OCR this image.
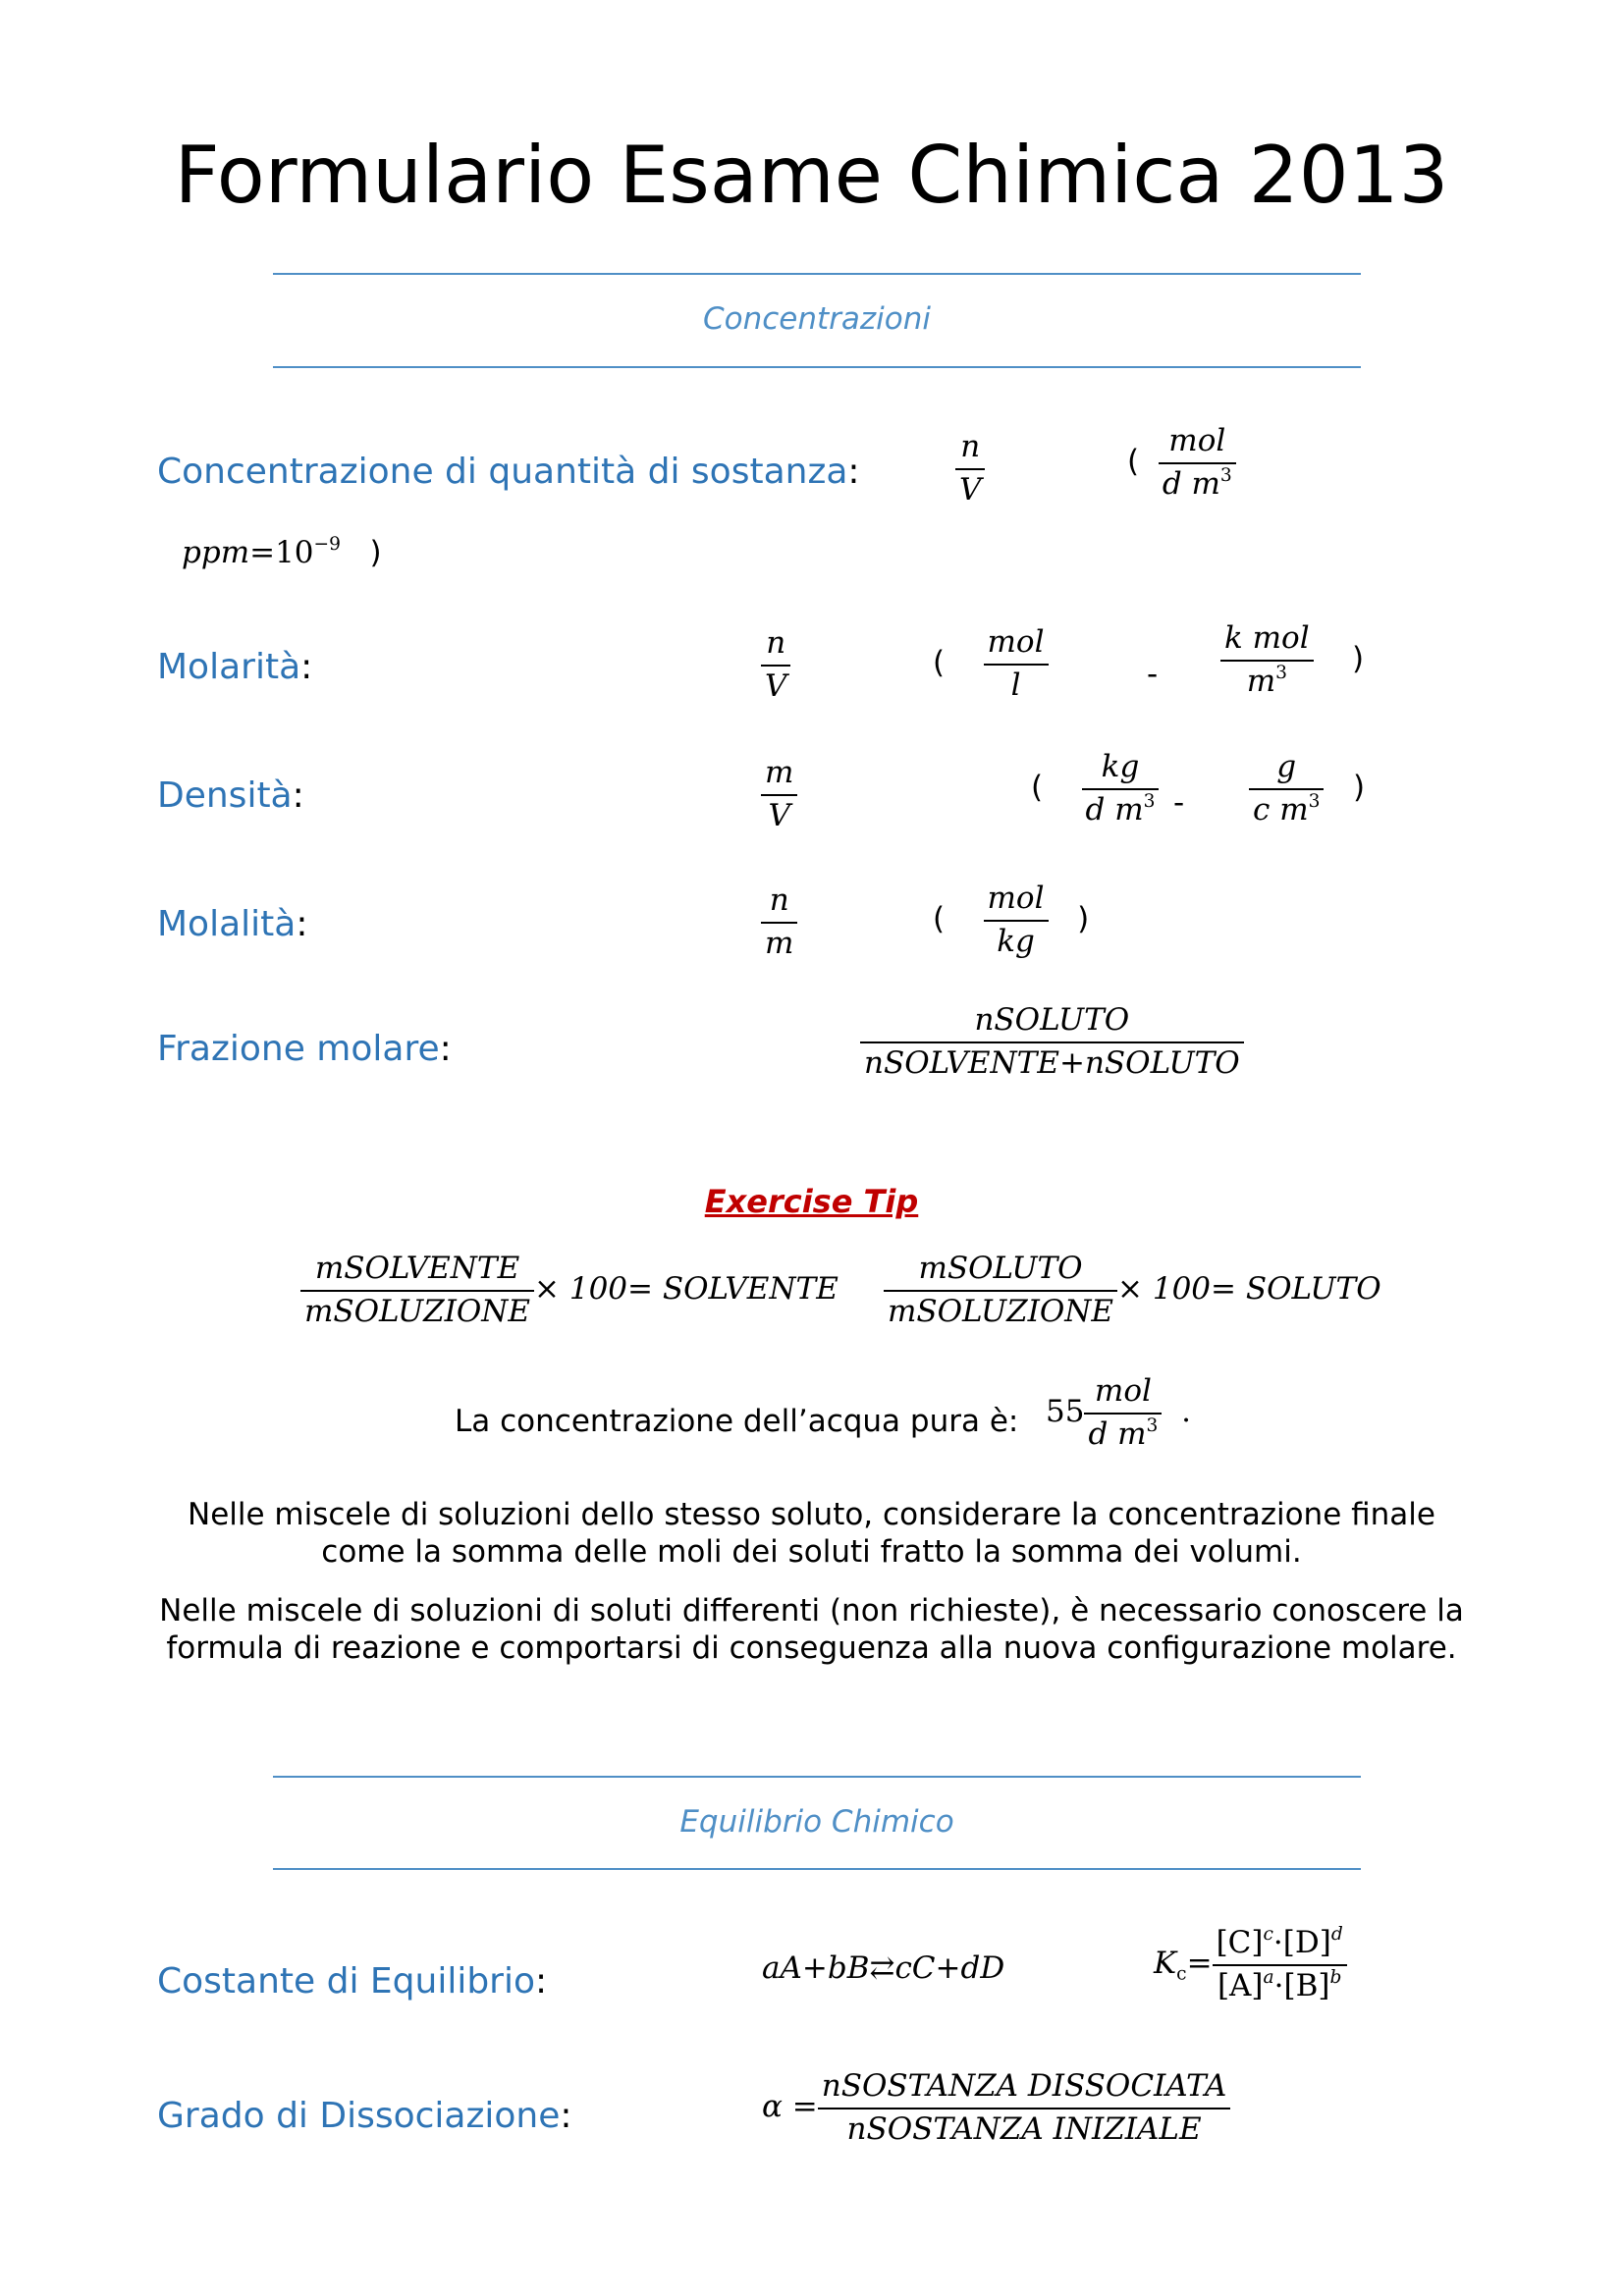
Formulario Esame Chimica 2013
Concentrazioni
Concentrazione di quantità di sostanza:	$\frac{n}{V}$	( $\frac{\text{mol}}{d m^3}$
$ppm=10^{-9}$ )
Molarità:	$\frac{n}{V}$	( $\frac{\text{mol}}{l}$	- $\frac{\text{k mol}}{m^3}$ )
Densità:	$\frac{m}{V}$	( $\frac{kg}{d m^3} - \frac{g}{c m^3}$ )
Molalità:	$\frac{n}{m}$	( $\frac{\text{mol}}{kg}$ )
Frazione molare:	$\frac{\text{nSOLUTO}}{\text{nSOLVENTE+nSOLUTO}}$
Exercise Tip
$\frac{\text{mSOLVENTE}}{\text{mSOLUZIONE}} \times 100=$ SOLVENTE $\frac{\text{mSOLUTO}}{\text{mSOLUZIONE}} \times 100=$ SOLUTO
La concentrazione dell’acqua pura è: $55 \frac{\text{mol}}{d m^3}$ .
Nelle miscele di soluzioni dello stesso soluto, considerare la concentrazione finale come la somma delle moli dei soluti fratto la somma dei volumi.
Nelle miscele di soluzioni di soluti differenti (non richieste), è necessario conoscere la formula di reazione e comportarsi di conseguenza alla nuova configurazione molare.
Equilibrio Chimico
Costante di Equilibrio:	aA+bB⇄cC+dD	$K_c= \frac{[C]^c\cdot[D]^d}{[A]^a\cdot[B]^b}$
Grado di Dissociazione:	$\alpha = \frac{\text{nSOSTANZA DISSOCIATA}}{\text{nSOSTANZA INIZIALE}}$
